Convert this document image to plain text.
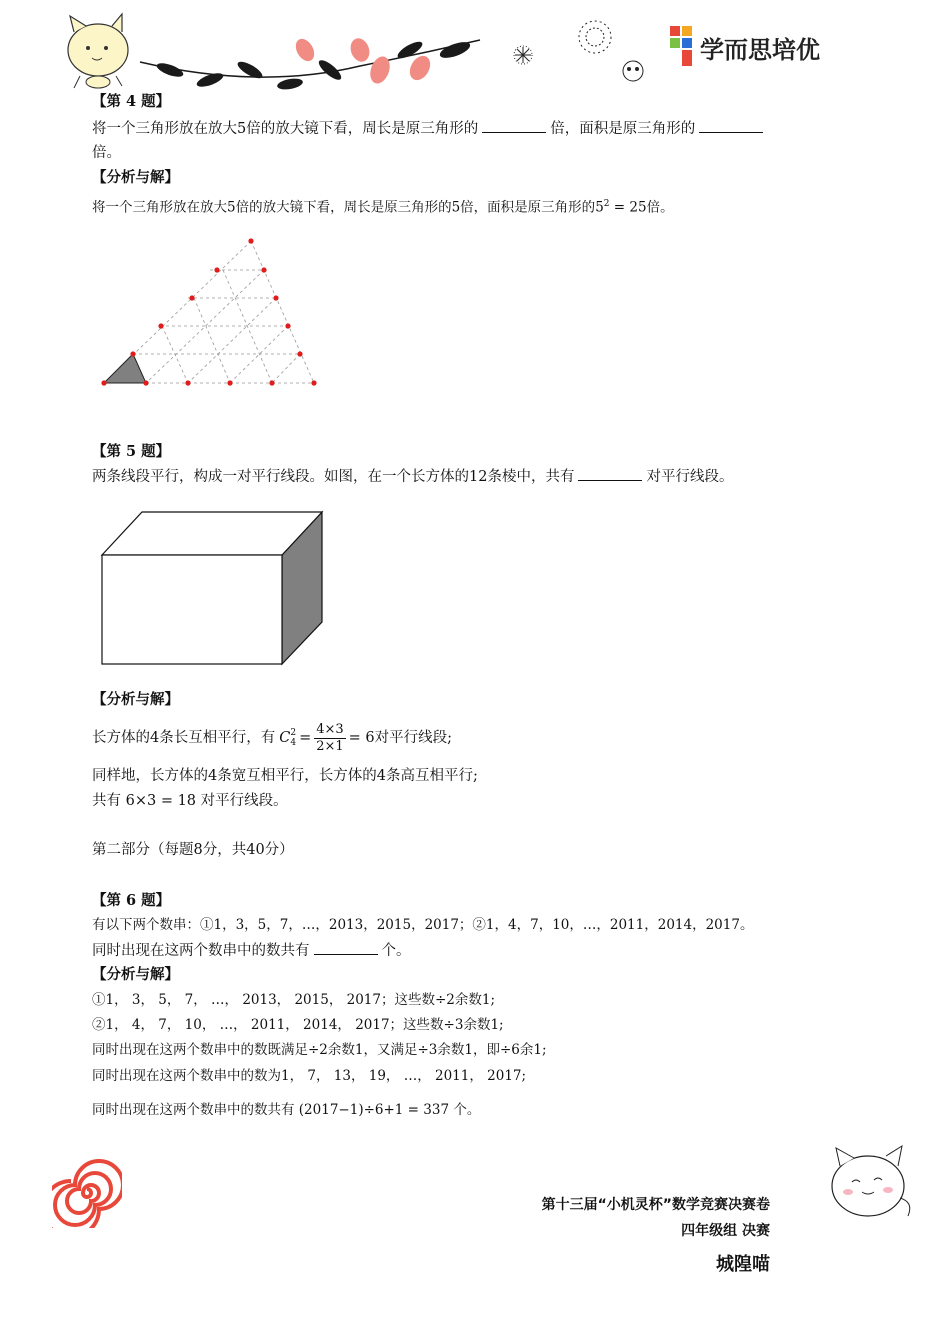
学而思培优
【第 4 题】
将一个三角形放在放大5倍的放大镜下看，周长是原三角形的	倍，面积是原三角形的
倍。
【分析与解】
将一个三角形放在放大5倍的放大镜下看，周长是原三角形的5倍，面积是原三角形的$5^2 = 25$倍。
【第 5 题】
两条线段平行，构成一对平行线段。如图，在一个长方体的12条棱中，共有	对平行线段。
【分析与解】
长方体的4条长互相平行，有 C 2
$4 = \frac{4\times 3}{2\times 1} = 6$对平行线段;
同样地，长方体的4条宽互相平行，长方体的4条高互相平行;
共有 6×3 = 18 对平行线段。
第二部分（每题8分，共40分）
【第 6 题】
有以下两个数串：①1，3，5，7，…，2013，2015，2017；②1，4，7，10，…，2011，2014，2017。
同时出现在这两个数串中的数共有	个。
【分析与解】
①1， 3， 5， 7， …， 2013， 2015， 2017；这些数÷2余数1;
②1， 4， 7， 10， …， 2011， 2014， 2017；这些数÷3余数1;
同时出现在这两个数串中的数既满足÷2余数1，又满足÷3余数1，即÷6余1;
同时出现在这两个数串中的数为1， 7， 13， 19， …， 2011， 2017;
同时出现在这两个数串中的数共有 (2017−1)÷6+1 = 337 个。
第十三届“小机灵杯”数学竞赛决赛卷
四年级组 决赛
城隍喵
